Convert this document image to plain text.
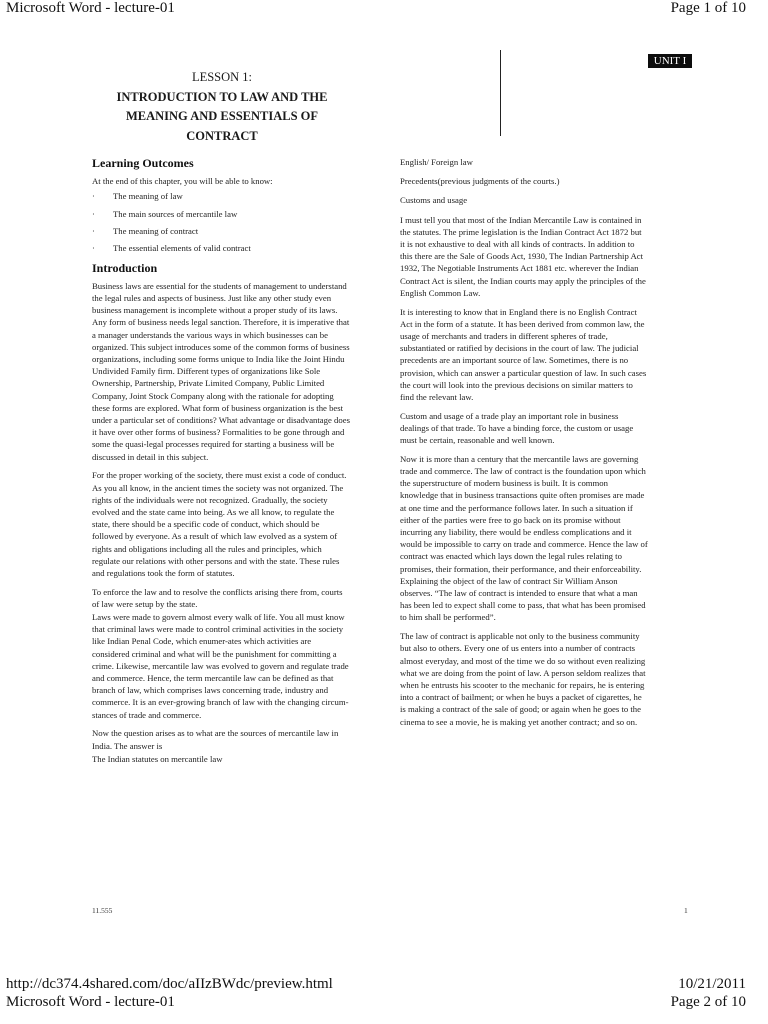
Microsoft Word - lecture-01	Page 1 of 10
UNIT I
LESSON 1:
INTRODUCTION TO LAW AND THE
MEANING AND ESSENTIALS OF
CONTRACT
Learning Outcomes

At the end of this chapter, you will be able to know:

· The meaning of law
· The main sources of mercantile law
· The meaning of contract
· The essential elements of valid contract
Introduction

Business laws are essential for the students of management to understand the legal rules and aspects of business. Just like any other study even business management is incomplete without a proper study of its laws. Any form of business needs legal sanction. Therefore, it is imperative that a manager understands the various ways in which businesses can be organized. This subject introduces some of the common forms of business organizations, including some forms unique to India like the Joint Hindu Undivided Family firm. Different types of organizations like Sole Ownership, Partnership, Private Limited Company, Public Limited Company, Joint Stock Company along with the rationale for adopting these forms are explored. What form of business organization is the best under a particular set of conditions? What advantage or disadvantage does it have over other forms of business? Formalities to be gone through and some the quasi-legal processes required for starting a business will be discussed in detail in this subject.

For the proper working of the society, there must exist a code of conduct. As you all know, in the ancient times the society was not organized. The rights of the individuals were not recognized. Gradually, the society evolved and the state came into being. As we all know, to regulate the state, there should be a specific code of conduct, which should be followed by everyone. As a result of which law evolved as a system of rights and obligations including all the rules and principles, which regulate our relations with other persons and with the state. These rules and regulations took the form of statutes.

To enforce the law and to resolve the conflicts arising there from, courts of law were setup by the state.

Laws were made to govern almost every walk of life. You all must know that criminal laws were made to control criminal activities in the society like Indian Penal Code, which enumer-ates which activities are considered criminal and what will be the punishment for committing a crime. Likewise, mercantile law was evolved to govern and regulate trade and commerce. Hence, the term mercantile law can be defined as that branch of law, which comprises laws concerning trade, industry and commerce. It is an ever-growing branch of law with the changing circum-stances of trade and commerce.

Now the question arises as to what are the sources of mercantile law in India. The answer is

The Indian statutes on mercantile law

English/ Foreign law

Precedents(previous judgments of the courts.)

Customs and usage

I must tell you that most of the Indian Mercantile Law is contained in the statutes. The prime legislation is the Indian Contract Act 1872 but it is not exhaustive to deal with all kinds of contracts. In addition to this there are the Sale of Goods Act, 1930, The Indian Partnership Act 1932, The Negotiable Instruments Act 1881 etc. wherever the Indian Contract Act is silent, the Indian courts may apply the principles of the English Common Law.

It is interesting to know that in England there is no English Contract Act in the form of a statute. It has been derived from common law, the usage of merchants and traders in different spheres of trade, substantiated or ratified by decisions in the court of law. The judicial precedents are an important source of law. Sometimes, there is no provision, which can answer a particular question of law. In such cases the court will look into the previous decisions on similar matters to find the relevant law.

Custom and usage of a trade play an important role in business dealings of that trade. To have a binding force, the custom or usage must be certain, reasonable and well known.

Now it is more than a century that the mercantile laws are governing trade and commerce. The law of contract is the foundation upon which the superstructure of modern business is built. It is common knowledge that in business transactions quite often promises are made at one time and the performance follows later. In such a situation if either of the parties were free to go back on its promise without incurring any liability, there would be endless complications and it would be impossible to carry on trade and commerce. Hence the law of contract was enacted which lays down the legal rules relating to promises, their formation, their performance, and their enforceability. Explaining the object of the law of contract Sir William Anson observes. “The law of contract is intended to ensure that what a man has been led to expect shall come to pass, that what has been promised to him shall be performed”.

The law of contract is applicable not only to the business community but also to others. Every one of us enters into a number of contracts almost everyday, and most of the time we do so without even realizing what we are doing from the point of law. A person seldom realizes that when he entrusts his scooter to the mechanic for repairs, he is entering into a contract of bailment; or when he buys a packet of cigarettes, he is making a contract of the sale of good; or again when he goes to the cinema to see a movie, he is making yet another contract; and so on.

11.555	1
http://dc374.4shared.com/doc/aIIzBWdc/preview.html	10/21/2011
Microsoft Word - lecture-01	Page 2 of 10
